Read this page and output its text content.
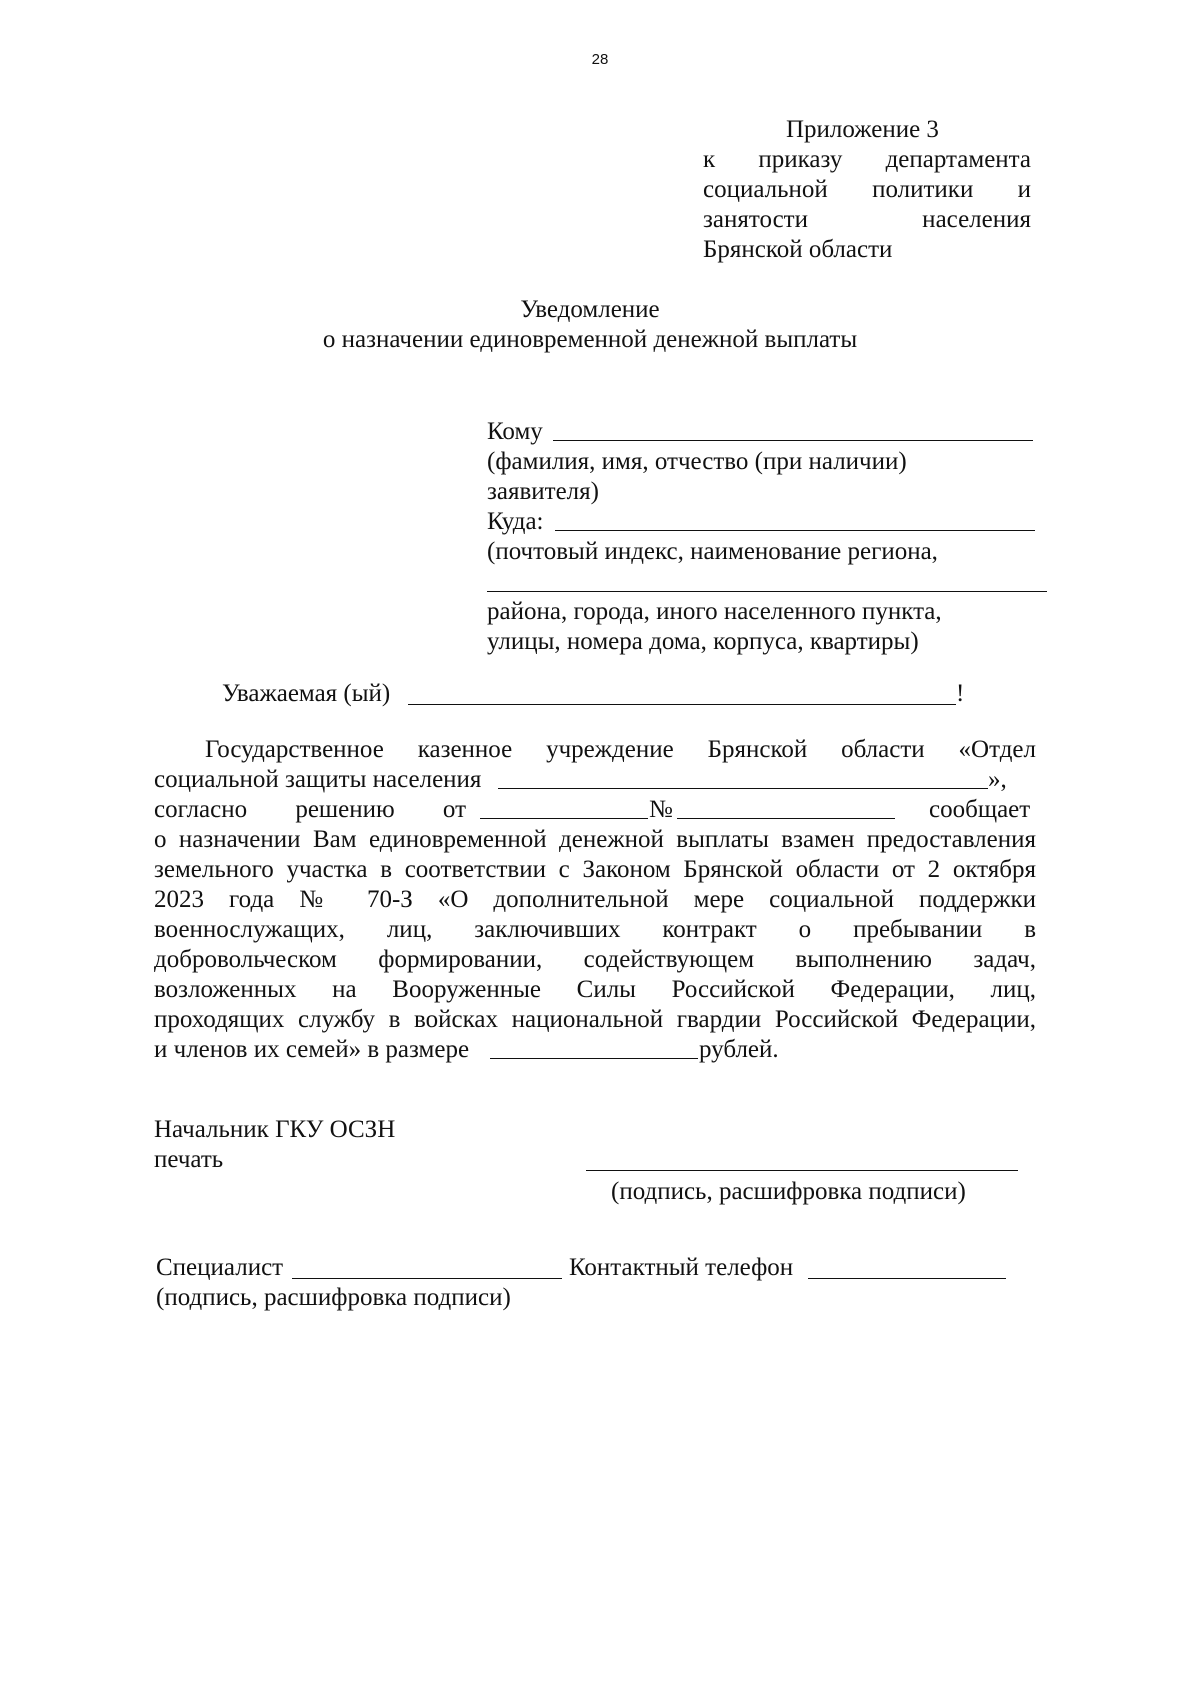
28
Приложение 3
к приказу департамента
социальной политики и
занятости населения
Брянской области
Уведомление
о назначении единовременной денежной выплаты
Кому
(фамилия, имя, отчество (при наличии)
заявителя)
Куда:
(почтовый индекс, наименование региона,
района, города, иного населенного пункта,
улицы, номера дома, корпуса, квартиры)
Уважаемая (ый)	!
Государственное казенное учреждение Брянской области «Отдел
социальной защиты населения	»,
согласно решению от	№	сообщает
о назначении Вам единовременной денежной выплаты взамен предоставления
земельного участка в соответствии с Законом Брянской области от 2 октября
2023 года № 70-З «О дополнительной мере социальной поддержки
военнослужащих, лиц, заключивших контракт о пребывании в
добровольческом формировании, содействующем выполнению задач,
возложенных на Вооруженные Силы Российской Федерации, лиц,
проходящих службу в войсках национальной гвардии Российской Федерации,
и членов их семей» в размере	рублей.
Начальник ГКУ ОСЗН
печать
(подпись, расшифровка подписи)
Специалист	Контактный телефон
(подпись, расшифровка подписи)
